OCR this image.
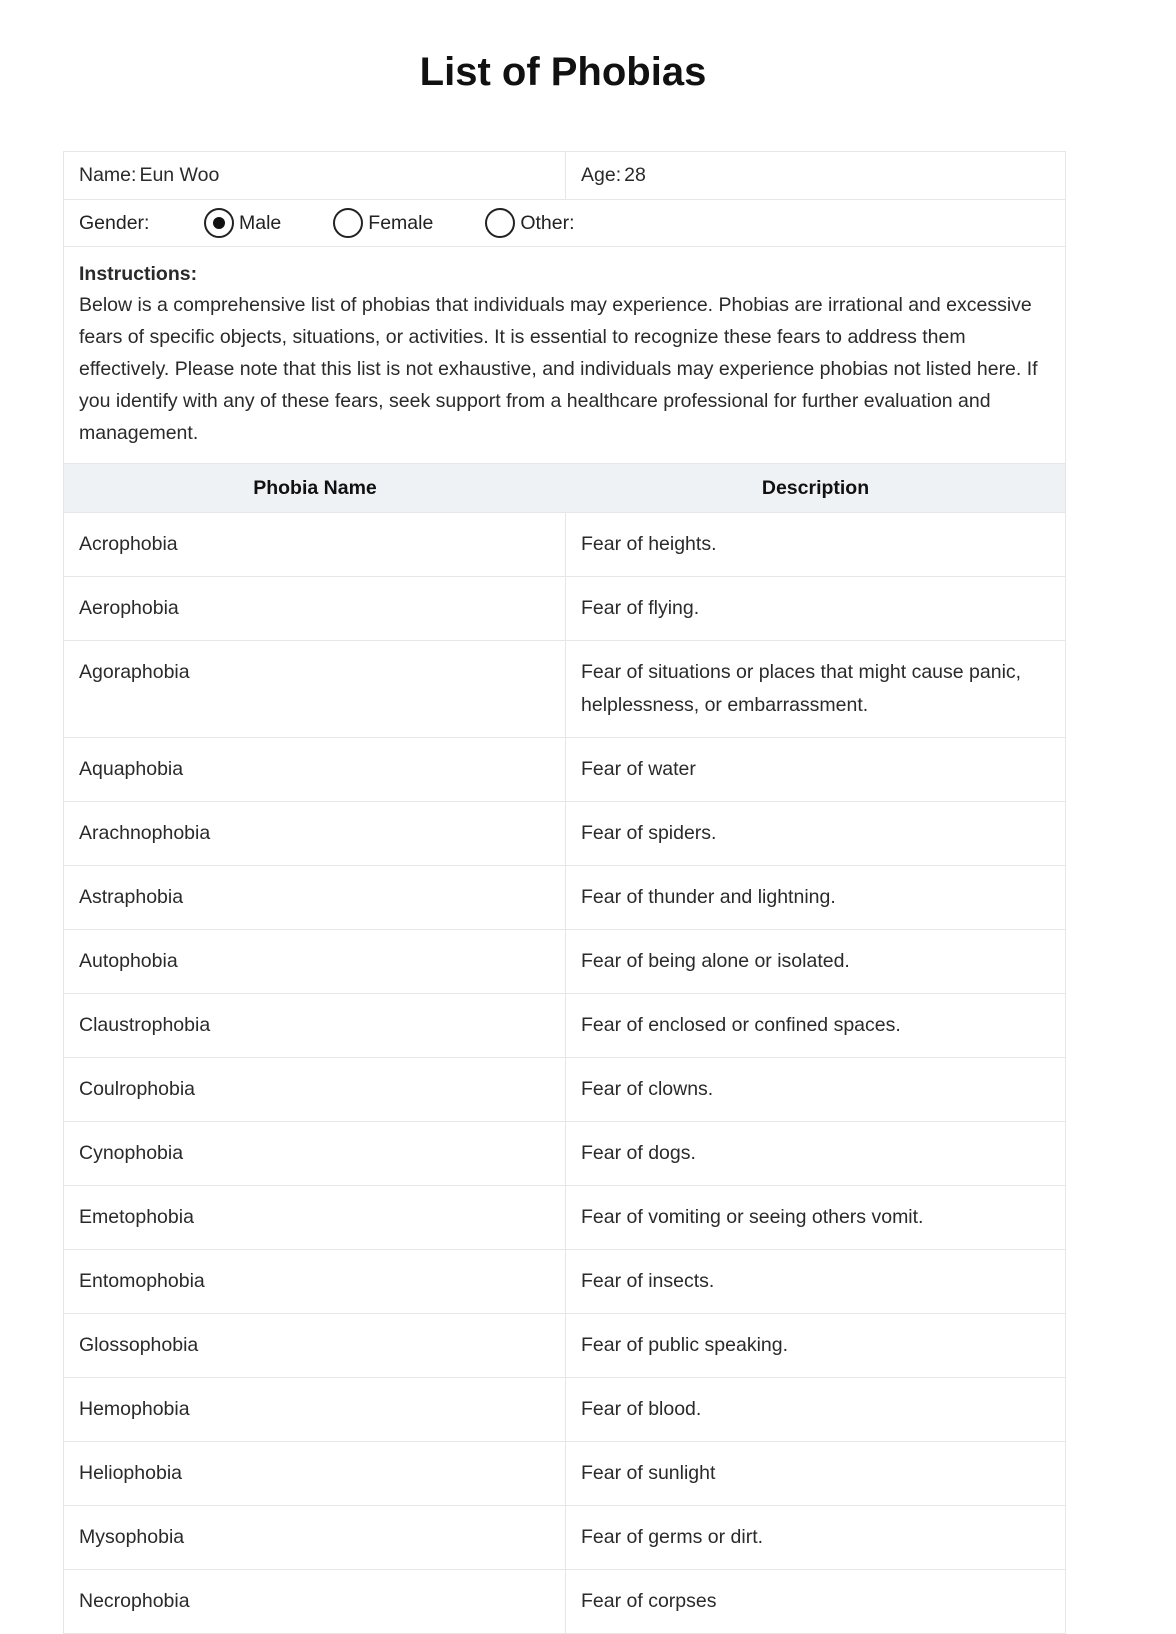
List of Phobias
Name: Eun Woo	Age: 28
Gender:	Male	Female	Other:
Instructions:
Below is a comprehensive list of phobias that individuals may experience. Phobias are irrational and excessive fears of specific objects, situations, or activities. It is essential to recognize these fears to address them effectively. Please note that this list is not exhaustive, and individuals may experience phobias not listed here. If you identify with any of these fears, seek support from a healthcare professional for further evaluation and management.
Phobia Name	Description
Acrophobia	Fear of heights.
Aerophobia	Fear of flying.
Agoraphobia	Fear of situations or places that might cause panic, helplessness, or embarrassment.
Aquaphobia	Fear of water
Arachnophobia	Fear of spiders.
Astraphobia	Fear of thunder and lightning.
Autophobia	Fear of being alone or isolated.
Claustrophobia	Fear of enclosed or confined spaces.
Coulrophobia	Fear of clowns.
Cynophobia	Fear of dogs.
Emetophobia	Fear of vomiting or seeing others vomit.
Entomophobia	Fear of insects.
Glossophobia	Fear of public speaking.
Hemophobia	Fear of blood.
Heliophobia	Fear of sunlight
Mysophobia	Fear of germs or dirt.
Necrophobia	Fear of corpses
